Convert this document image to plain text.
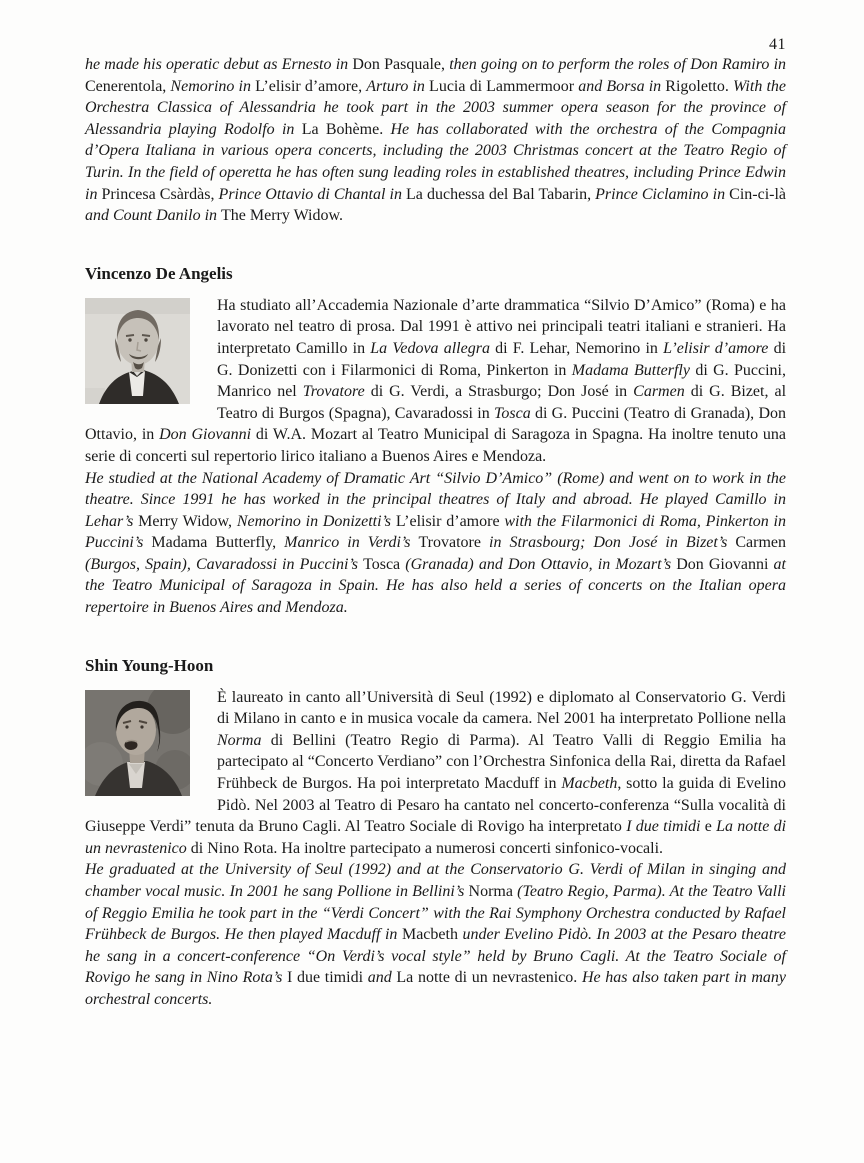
41

he made his operatic debut as Ernesto in Don Pasquale, then going on to perform the roles of Don Ramiro in Cenerentola, Nemorino in L’elisir d’amore, Arturo in Lucia di Lammermoor and Borsa in Rigoletto. With the Orchestra Classica of Alessandria he took part in the 2003 summer opera season for the province of Alessandria playing Rodolfo in La Bohème. He has collaborated with the orchestra of the Compagnia d’Opera Italiana in various opera concerts, including the 2003 Christmas concert at the Teatro Regio of Turin. In the field of operetta he has often sung leading roles in established theatres, including Prince Edwin in Princesa Csàrdàs, Prince Ottavio di Chantal in La duchessa del Bal Tabarin, Prince Ciclamino in Cin-ci-là and Count Danilo in The Merry Widow.

Vincenzo De Angelis

Ha studiato all’Accademia Nazionale d’arte drammatica “Silvio D’Amico” (Roma) e ha lavorato nel teatro di prosa. Dal 1991 è attivo nei principali teatri italiani e stranieri. Ha interpretato Camillo in La Vedova allegra di F. Lehar, Nemorino in L’elisir d’amore di G. Donizetti con i Filarmonici di Roma, Pinkerton in Madama Butterfly di G. Puccini, Manrico nel Trovatore di G. Verdi, a Strasburgo; Don José in Carmen di G. Bizet, al Teatro di Burgos (Spagna), Cavaradossi in Tosca di G. Puccini (Teatro di Granada), Don Ottavio, in Don Giovanni di W.A. Mozart al Teatro Municipal di Saragoza in Spagna. Ha inoltre tenuto una serie di concerti sul repertorio lirico italiano a Buenos Aires e Mendoza.

He studied at the National Academy of Dramatic Art “Silvio D’Amico” (Rome) and went on to work in the theatre. Since 1991 he has worked in the principal theatres of Italy and abroad. He played Camillo in Lehar’s Merry Widow, Nemorino in Donizetti’s L’elisir d’amore with the Filarmonici di Roma, Pinkerton in Puccini’s Madama Butterfly, Manrico in Verdi’s Trovatore in Strasbourg; Don José in Bizet’s Carmen (Burgos, Spain), Cavaradossi in Puccini’s Tosca (Granada) and Don Ottavio, in Mozart’s Don Giovanni at the Teatro Municipal of Saragoza in Spain. He has also held a series of concerts on the Italian opera repertoire in Buenos Aires and Mendoza.

Shin Young-Hoon

È laureato in canto all’Università di Seul (1992) e diplomato al Conservatorio G. Verdi di Milano in canto e in musica vocale da camera. Nel 2001 ha interpretato Pollione nella Norma di Bellini (Teatro Regio di Parma). Al Teatro Valli di Reggio Emilia ha partecipato al “Concerto Verdiano” con l’Orchestra Sinfonica della Rai, diretta da Rafael Frühbeck de Burgos. Ha poi interpretato Macduff in Macbeth, sotto la guida di Evelino Pidò. Nel 2003 al Teatro di Pesaro ha cantato nel concerto-conferenza “Sulla vocalità di Giuseppe Verdi” tenuta da Bruno Cagli. Al Teatro Sociale di Rovigo ha interpretato I due timidi e La notte di un nevrastenico di Nino Rota. Ha inoltre partecipato a numerosi concerti sinfonico-vocali.

He graduated at the University of Seul (1992) and at the Conservatorio G. Verdi of Milan in singing and chamber vocal music. In 2001 he sang Pollione in Bellini’s Norma (Teatro Regio, Parma). At the Teatro Valli of Reggio Emilia he took part in the “Verdi Concert” with the Rai Symphony Orchestra conducted by Rafael Frühbeck de Burgos. He then played Macduff in Macbeth under Evelino Pidò. In 2003 at the Pesaro theatre he sang in a concert-conference “On Verdi’s vocal style” held by Bruno Cagli. At the Teatro Sociale of Rovigo he sang in Nino Rota’s I due timidi and La notte di un nevrastenico. He has also taken part in many orchestral concerts.
